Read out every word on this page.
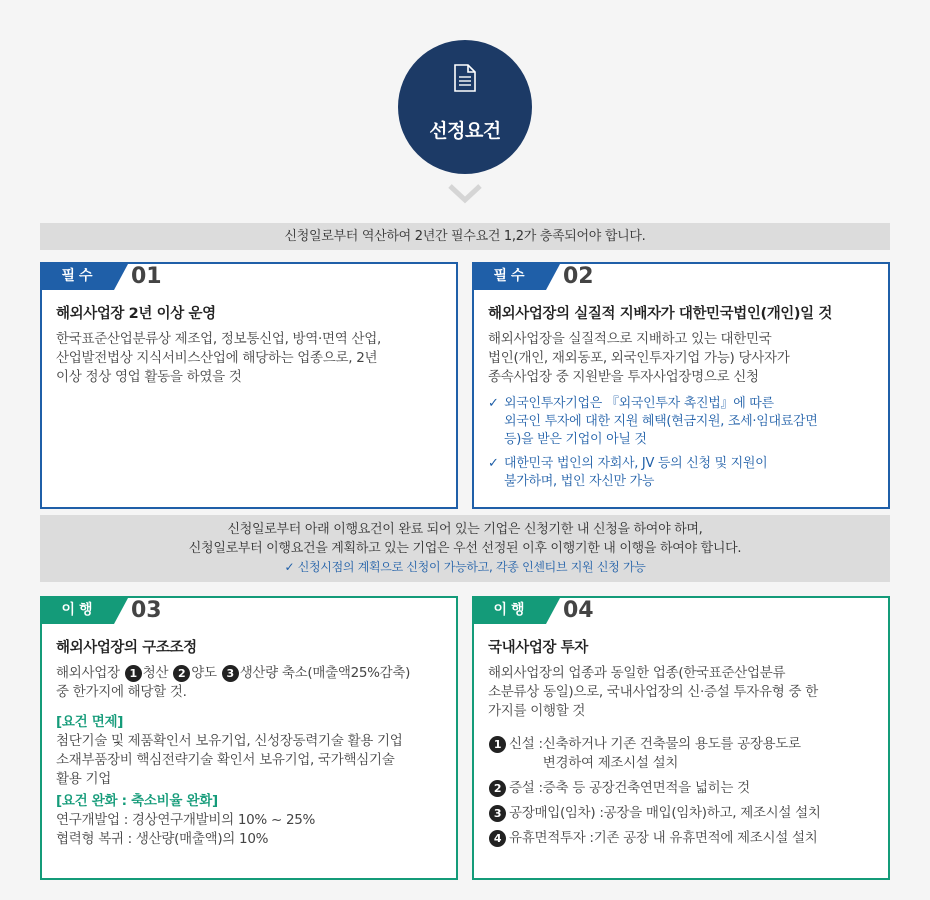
선정요건
신청일로부터 역산하여 2년간 필수요건 1,2가 충족되어야 합니다.
필수	01
해외사업장 2년 이상 운영
한국표준산업분류상 제조업, 정보통신업, 방역·면역 산업,
산업발전법상 지식서비스산업에 해당하는 업종으로, 2년
이상 정상 영업 활동을 하였을 것
필수	02
해외사업장의 실질적 지배자가 대한민국법인(개인)일 것
해외사업장을 실질적으로 지배하고 있는 대한민국
법인(개인, 재외동포, 외국인투자기업 가능) 당사자가
종속사업장 중 지원받을 투자사업장명으로 신청
✓ 외국인투자기업은 『외국인투자 촉진법』에 따른
외국인 투자에 대한 지원 혜택(현금지원, 조세·임대료감면
등)을 받은 기업이 아닐 것
✓ 대한민국 법인의 자회사, JV 등의 신청 및 지원이
불가하며, 법인 자신만 가능
신청일로부터 아래 이행요건이 완료 되어 있는 기업은 신청기한 내 신청을 하여야 하며,
신청일로부터 이행요건을 계획하고 있는 기업은 우선 선정된 이후 이행기한 내 이행을 하여야 합니다.
✓ 신청시점의 계획으로 신청이 가능하고, 각종 인센티브 지원 신청 가능
이행	03
해외사업장의 구조조정
해외사업장 1 청산 2 양도 3 생산량 축소(매출액25%감축)
중 한가지에 해당할 것.
[요건 면제]
첨단기술 및 제품확인서 보유기업, 신성장동력기술 활용 기업
소재부품장비 핵심전략기술 확인서 보유기업, 국가핵심기술
활용 기업
[요건 완화 : 축소비율 완화]
연구개발업 : 경상연구개발비의 10% ~ 25%
협력형 복귀 : 생산량(매출액)의 10%
이행	04
국내사업장 투자
해외사업장의 업종과 동일한 업종(한국표준산업분류
소분류상 동일)으로, 국내사업장의 신·증설 투자유형 중 한
가지를 이행할 것
1 신설 : 신축하거나 기존 건축물의 용도를 공장용도로
변경하여 제조시설 설치
2 증설 : 증축 등 공장건축연면적을 넓히는 것
3 공장매입(임차) : 공장을 매입(임차)하고, 제조시설 설치
4 유휴면적투자 : 기존 공장 내 유휴면적에 제조시설 설치
